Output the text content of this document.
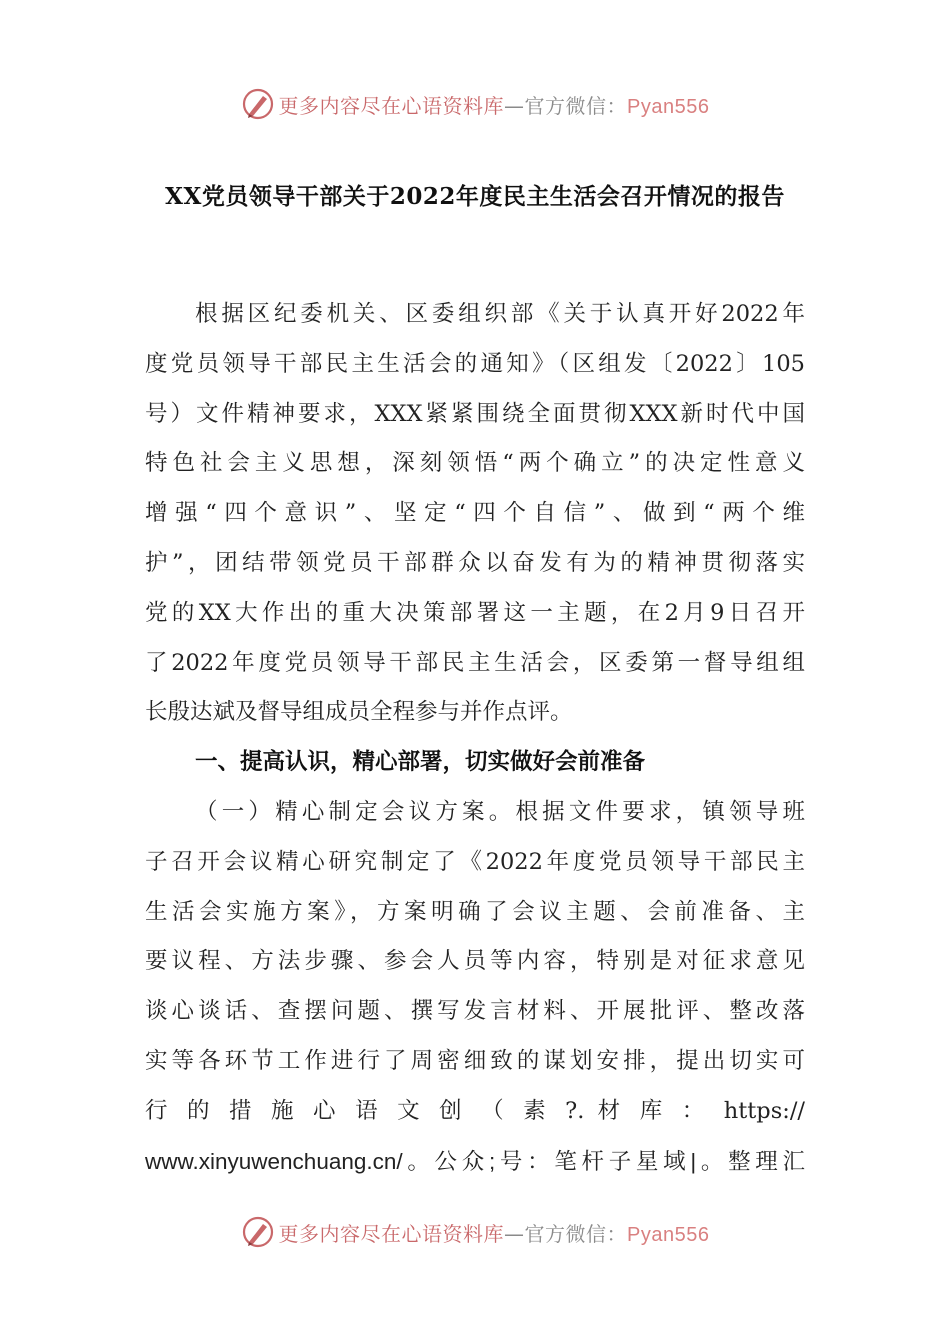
更多内容尽在心语资料库—官方微信：Pyan556
XX党员领导干部关于2022年度民主生活会召开情况的报告
根据区纪委机关、区委组织部《关于认真开好2022年
度党员领导干部民主生活会的通知》（区组发〔2022〕105
号）文件精神要求，XXX紧紧围绕全面贯彻XXX新时代中国
特色社会主义思想，深刻领悟“两个确立”的决定性意义
增强“四个意识”、坚定“四个自信”、做到“两个维
护”，团结带领党员干部群众以奋发有为的精神贯彻落实
党的XX大作出的重大决策部署这一主题，在2月9日召开
了2022年度党员领导干部民主生活会，区委第一督导组组
长殷达斌及督导组成员全程参与并作点评。
一、提高认识，精心部署，切实做好会前准备
（一）精心制定会议方案。根据文件要求，镇领导班
子召开会议精心研究制定了《2022年度党员领导干部民主
生活会实施方案》，方案明确了会议主题、会前准备、主
要议程、方法步骤、参会人员等内容，特别是对征求意见
谈心谈话、查摆问题、撰写发言材料、开展批评、整改落
实等各环节工作进行了周密细致的谋划安排，提出切实可
行 的 措 施 心 语 文 创 （ 素 ?. 材 库 ： https://
www.xinyuwenchuang.cn/。公众;号：笔杆子星域|。整理汇
更多内容尽在心语资料库—官方微信：Pyan556
